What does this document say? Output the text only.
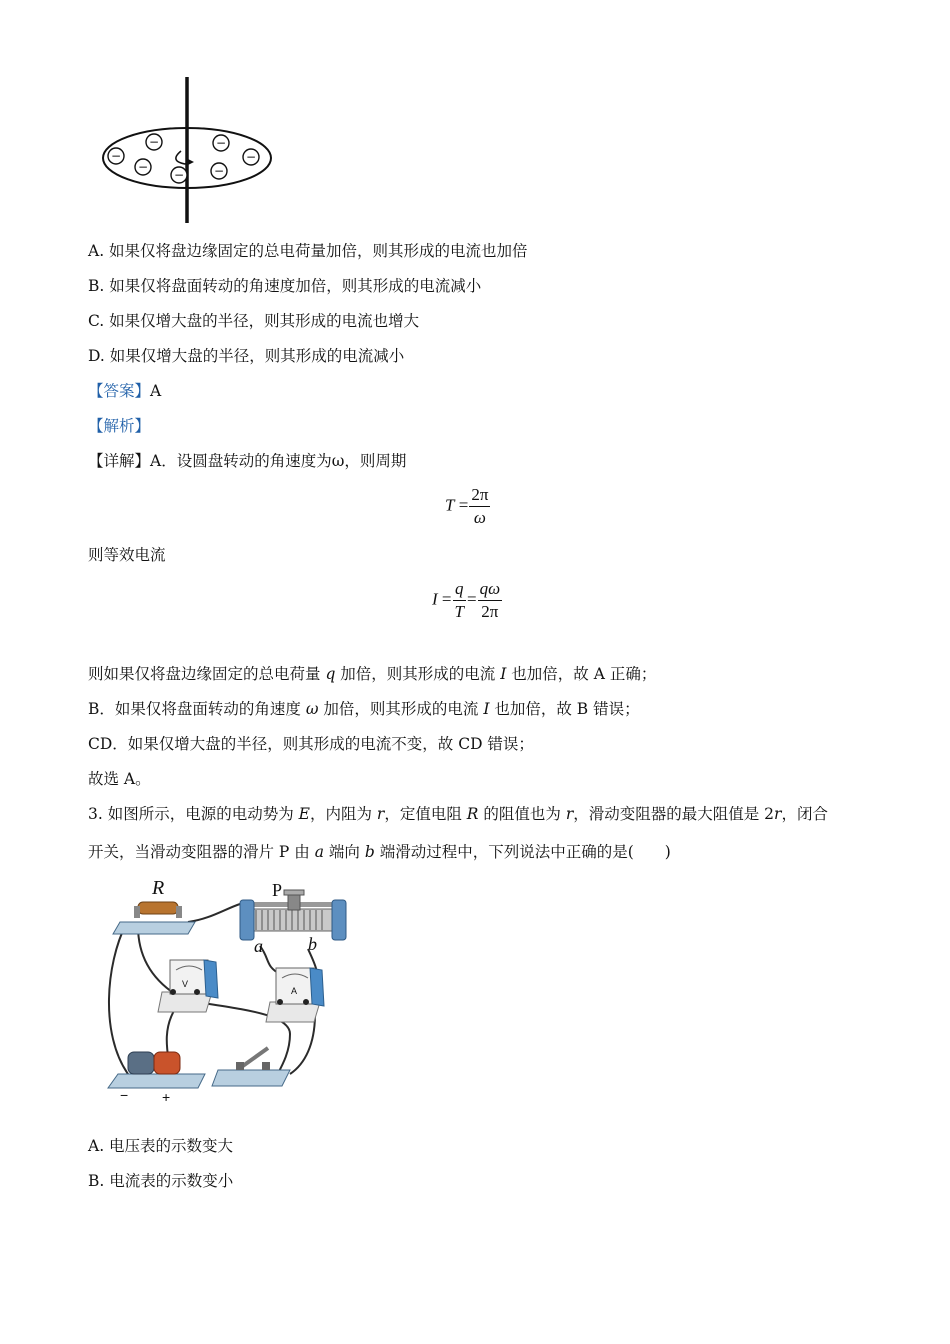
−
−
−
−
−
−
−
A. 如果仅将盘边缘固定的总电荷量加倍，则其形成的电流也加倍
B. 如果仅将盘面转动的角速度加倍，则其形成的电流减小
C. 如果仅增大盘的半径，则其形成的电流也增大
D. 如果仅增大盘的半径，则其形成的电流减小
【答案】A
【解析】
【详解】A．设圆盘转动的角速度为ω，则周期
$T = \frac{2\pi}{\omega}$
则等效电流
$I = \frac{q}{T} = \frac{q\omega}{2\pi}$
则如果仅将盘边缘固定的总电荷量 q 加倍，则其形成的电流 I 也加倍，故 A 正确；
B．如果仅将盘面转动的角速度 ω 加倍，则其形成的电流 I 也加倍，故 B 错误；
CD．如果仅增大盘的半径，则其形成的电流不变，故 CD 错误；
故选 A。
3. 如图所示，电源的电动势为 E，内阻为 r，定值电阻 R 的阻值也为 r，滑动变阻器的最大阻值是 2r，闭合
开关，当滑动变阻器的滑片 P 由 a 端向 b 端滑动过程中，下列说法中正确的是(　　)
R	P
a	b
V
A
− +
A. 电压表的示数变大
B. 电流表的示数变小
